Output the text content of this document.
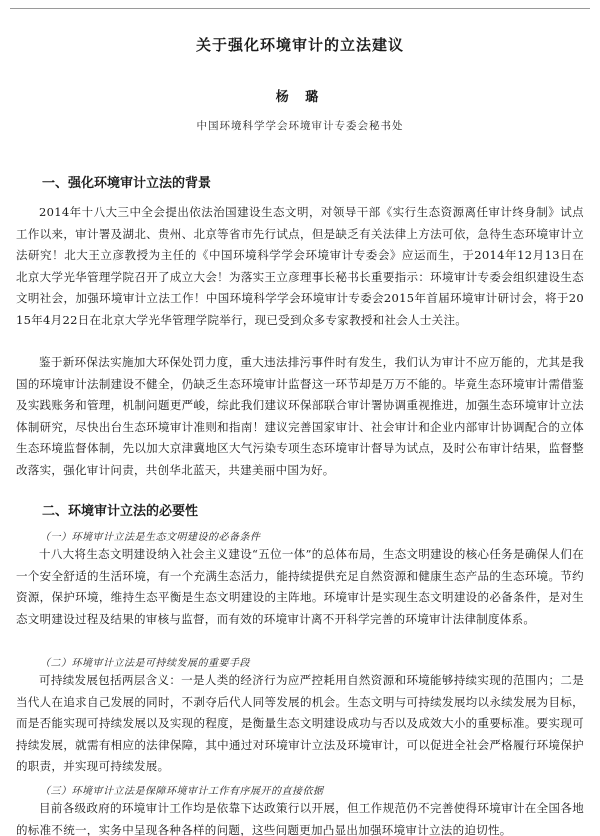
关于强化环境审计的立法建议
杨 璐
中国环境科学学会环境审计专委会秘书处
一、强化环境审计立法的背景

2014年十八大三中全会提出依法治国建设生态文明，对领导干部《实行生态资源离任审计终身制》试点工作以来，审计署及湖北、贵州、北京等省市先行试点，但是缺乏有关法律上方法可依，急待生态环境审计立法研究！北大王立彦教授为主任的《中国环境科学学会环境审计专委会》应运而生，于2014年12月13日在北京大学光华管理学院召开了成立大会！为落实王立彦理事长秘书长重要指示：环境审计专委会组织建设生态文明社会，加强环境审计立法工作！中国环境科学学会环境审计专委会2015年首届环境审计研讨会，将于2015年4月22日在北京大学光华管理学院举行，现已受到众多专家教授和社会人士关注。

鉴于新环保法实施加大环保处罚力度，重大违法排污事件时有发生，我们认为审计不应万能的，尤其是我国的环境审计法制建设不健全，仍缺乏生态环境审计监督这一环节却是万万不能的。毕竟生态环境审计需借鉴及实践账务和管理，机制问题更严峻，综此我们建议环保部联合审计署协调重视推进，加强生态环境审计立法体制研究，尽快出台生态环境审计准则和指南！建议完善国家审计、社会审计和企业内部审计协调配合的立体生态环境监督体制，先以加大京津冀地区大气污染专项生态环境审计督导为试点，及时公布审计结果，监督整改落实，强化审计问责，共创华北蓝天，共建美丽中国为好。

二、环境审计立法的必要性
（一）环境审计立法是生态文明建设的必备条件

十八大将生态文明建设纳入社会主义建设“五位一体”的总体布局，生态文明建设的核心任务是确保人们在一个安全舒适的生活环境，有一个充满生态活力，能持续提供充足自然资源和健康生态产品的生态环境。节约资源，保护环境，维持生态平衡是生态文明建设的主阵地。环境审计是实现生态文明建设的必备条件，是对生态文明建设过程及结果的审核与监督，而有效的环境审计离不开科学完善的环境审计法律制度体系。

（二）环境审计立法是可持续发展的重要手段

可持续发展包括两层含义：一是人类的经济行为应严控耗用自然资源和环境能够持续实现的范围内；二是当代人在追求自己发展的同时，不剥夺后代人同等发展的机会。生态文明与可持续发展均以永续发展为目标，而是否能实现可持续发展以及实现的程度，是衡量生态文明建设成功与否以及成效大小的重要标准。要实现可持续发展，就需有相应的法律保障，其中通过对环境审计立法及环境审计，可以促进全社会严格履行环境保护的职责，并实现可持续发展。

（三）环境审计立法是保障环境审计工作有序展开的直接依据

目前各级政府的环境审计工作均是依靠下达政策行以开展，但工作规范仍不完善使得环境审计在全国各地的标准不统一，实务中呈现各种各样的问题，这些问题更加凸显出加强环境审计立法的迫切性。
